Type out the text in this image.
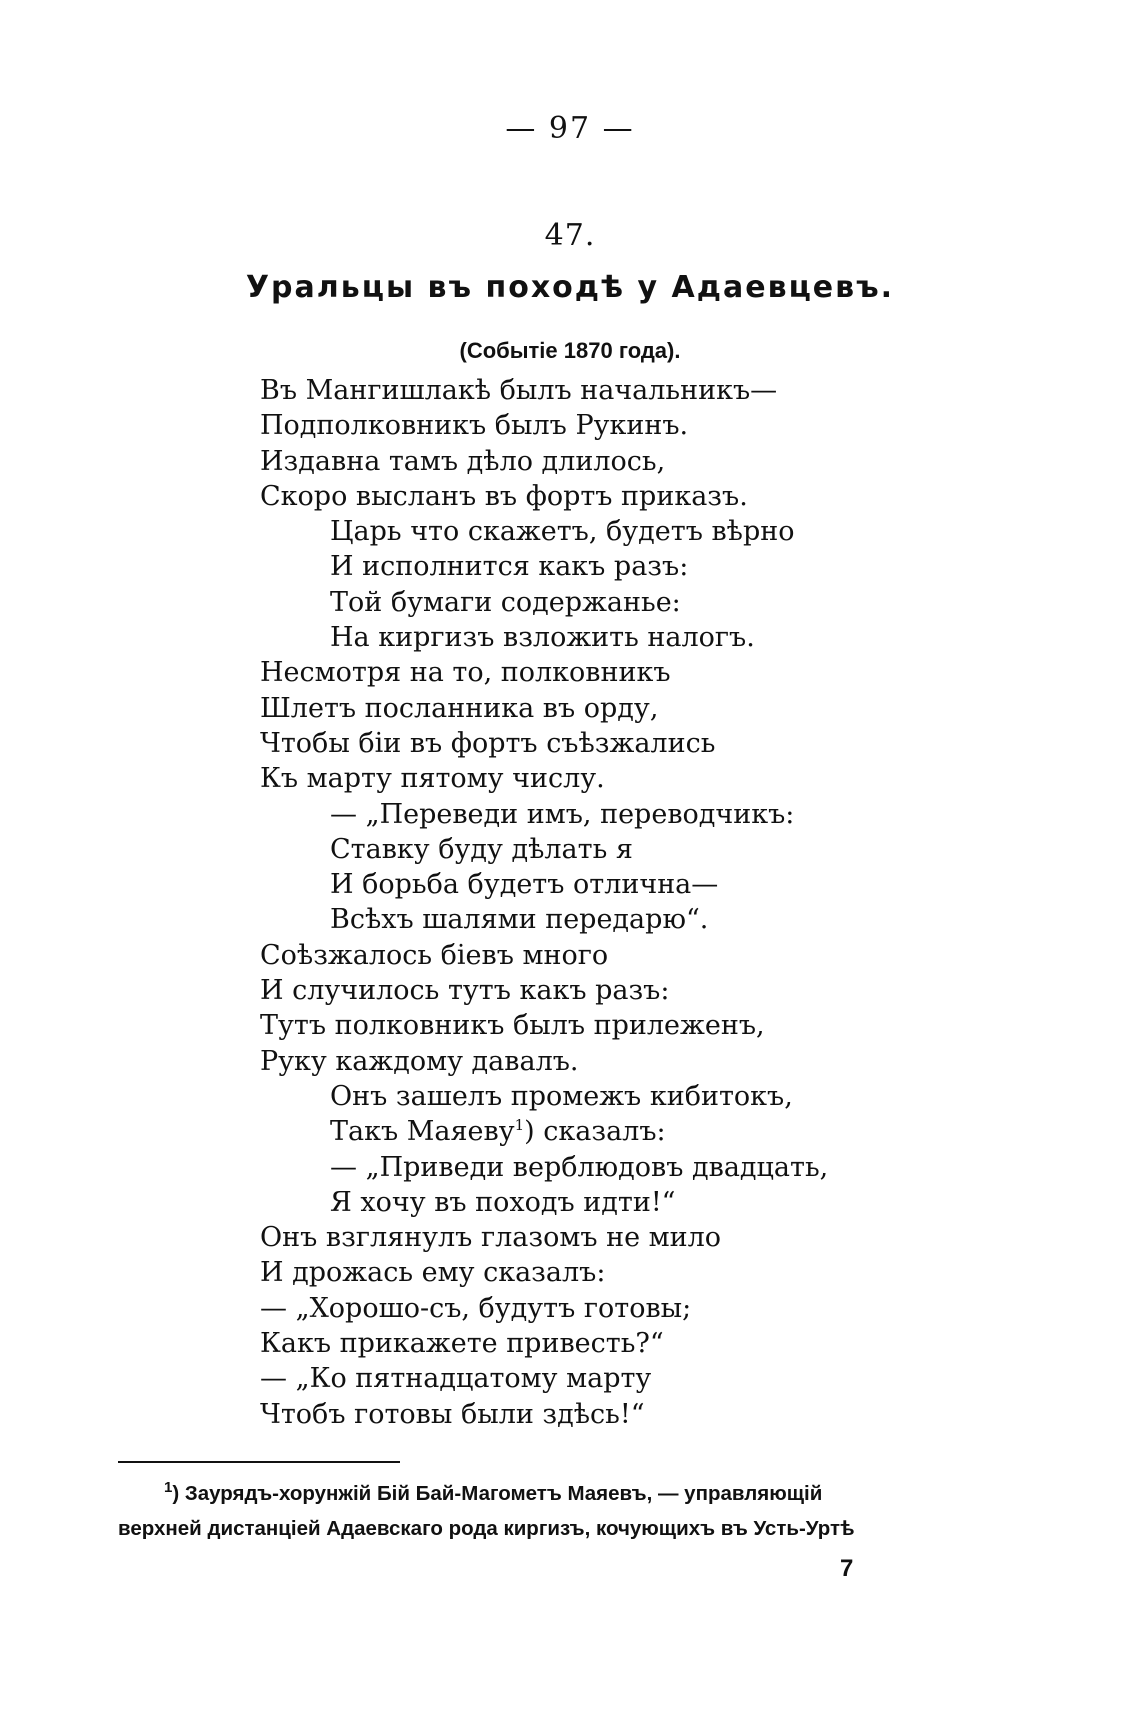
— 97 —
47.
Уральцы въ походѣ у Адаевцевъ.
(Событіе 1870 года).
Въ Мангишлакѣ былъ начальникъ—
Подполковникъ былъ Рукинъ.
Издавна тамъ дѣло длилось,
Скоро высланъ въ фортъ приказъ.
Царь что скажетъ, будетъ вѣрно
И исполнится какъ разъ:
Той бумаги содержанье:
На киргизъ взложить налогъ.
Несмотря на то, полковникъ
Шлетъ посланника въ орду,
Чтобы біи въ фортъ съѣзжались
Къ марту пятому числу.
— „Переведи имъ, переводчикъ:
Ставку буду дѣлать я
И борьба будетъ отлична—
Всѣхъ шалями передарю“.
Соѣзжалось біевъ много
И случилось тутъ какъ разъ:
Тутъ полковникъ былъ прилеженъ,
Руку каждому давалъ.
Онъ зашелъ промежъ кибитокъ,
Такъ Маяеву$^1$) сказалъ:
— „Приведи верблюдовъ двадцать,
Я хочу въ походъ идти!“
Онъ взглянулъ глазомъ не мило
И дрожась ему сказалъ:
— „Хорошо-съ, будутъ готовы;
Какъ прикажете привесть?“
— „Ко пятнадцатому марту
Чтобъ готовы были здѣсь!“
$^1$) Заурядъ-хорунжій Бій Бай-Магометъ Маяевъ, — управляющій
верхней дистанціей Адаевскаго рода киргизъ, кочующихъ въ Усть-Уртѣ
7
